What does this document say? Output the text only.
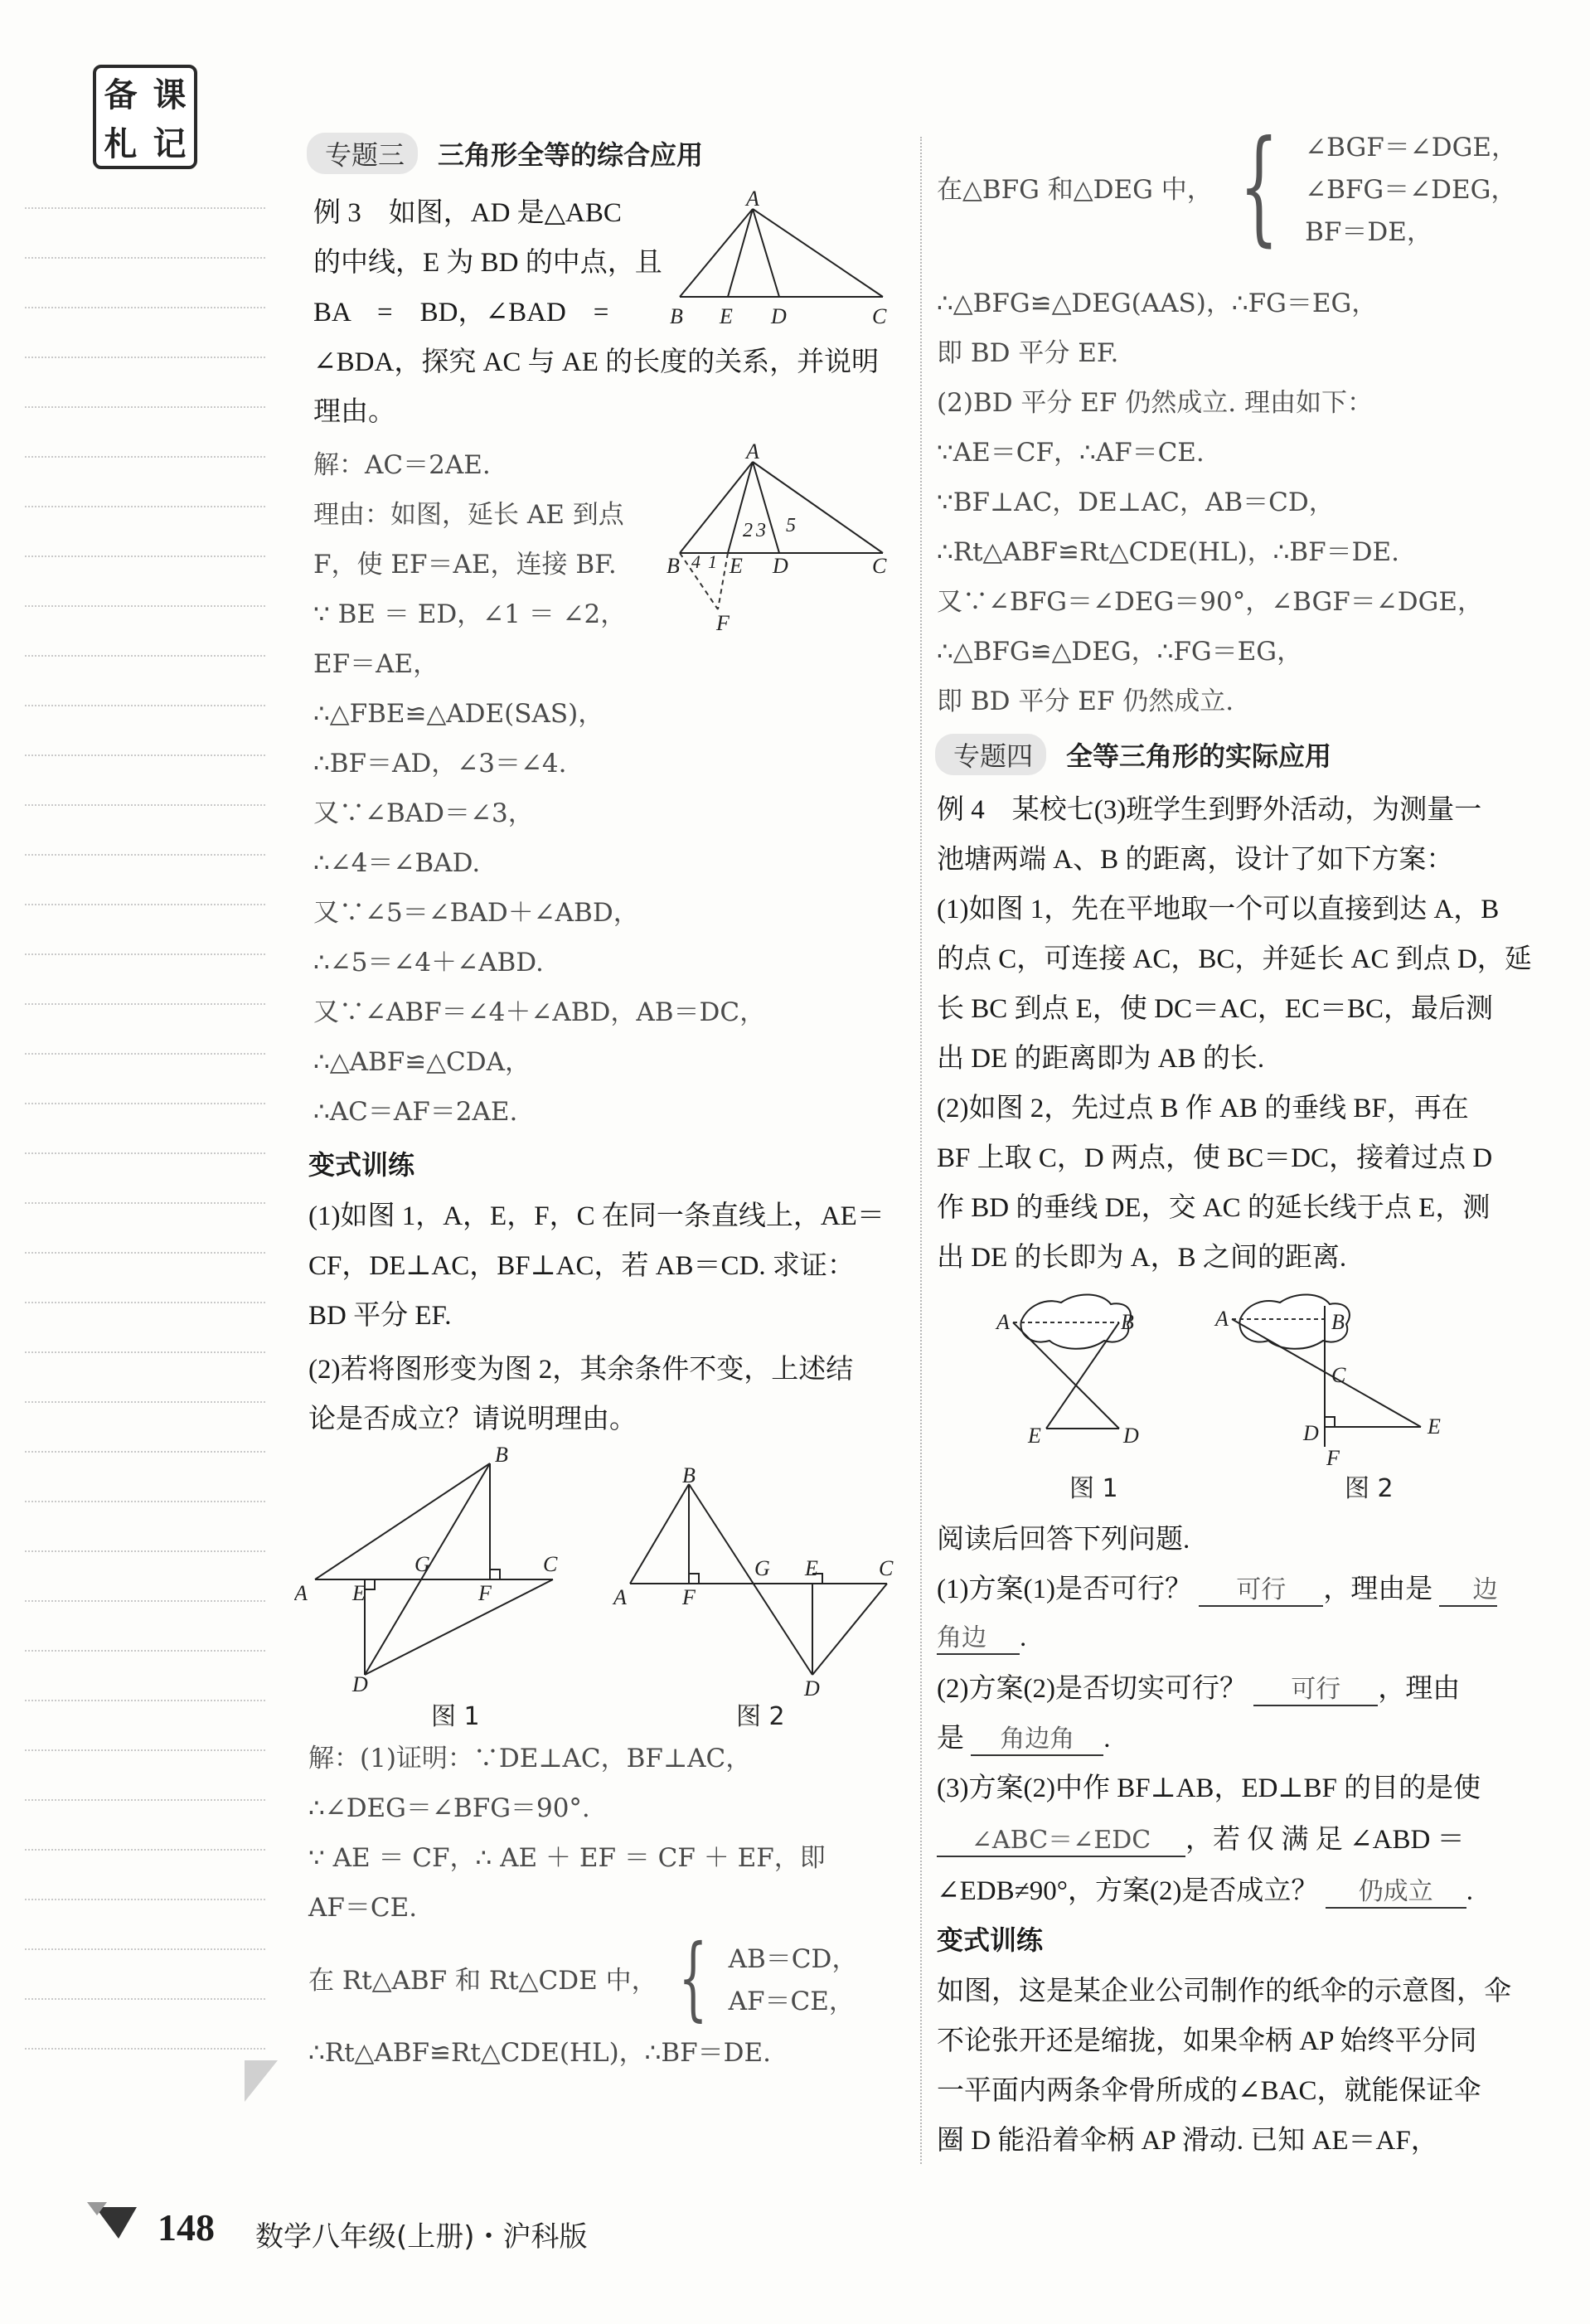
备 课
札 记	专题三	三角形全等的综合应用
例 3　如图，AD 是△ABC
的中线，E 为 BD 的中点，且
BA　=　BD，∠BAD　=
∠BDA，探究 AC 与 AE 的长度的关系，并说明
理由。
A
B E D	C
解：AC＝2AE.
理由：如图，延长 AE 到点
F，使 EF＝AE，连接 BF.
∵ BE ＝ ED，∠1 ＝ ∠2，
EF＝AE，
∴△FBE≌△ADE(SAS)，
∴BF＝AD，∠3＝∠4.
又∵∠BAD＝∠3，
∴∠4＝∠BAD.
又∵∠5＝∠BAD＋∠ABD，
∴∠5＝∠4＋∠ABD.
又∵∠ABF＝∠4＋∠ABD，AB＝DC，
∴△ABF≌△CDA，
∴AC＝AF＝2AE.
A
B E D	C
F
2 3 5
4 1
变式训练
(1)如图 1，A，E，F，C 在同一条直线上，AE＝
CF，DE⊥AC，BF⊥AC，若 AB＝CD. 求证：
BD 平分 EF.
(2)若将图形变为图 2，其余条件不变，上述结
论是否成立？请说明理由。
B
A E
G
F
C
D
图 1
B
A	F
G E	C
D
图 2
解：(1)证明：∵DE⊥AC，BF⊥AC，
∴∠DEG＝∠BFG＝90°.
∵ AE ＝ CF，∴ AE ＋ EF ＝ CF ＋ EF，即
AF＝CE.
在 Rt△ABF 和 Rt△CDE 中， { AB＝CD，
AF＝CE，
∴Rt△ABF≌Rt△CDE(HL)，∴BF＝DE.
在△BFG 和△DEG 中， { ∠BGF＝∠DGE，
∠BFG＝∠DEG，
BF＝DE，
∴△BFG≌△DEG(AAS)，∴FG＝EG，
即 BD 平分 EF.
(2)BD 平分 EF 仍然成立. 理由如下：
∵AE＝CF，∴AF＝CE.
∵BF⊥AC，DE⊥AC，AB＝CD，
∴Rt△ABF≌Rt△CDE(HL)，∴BF＝DE.
又∵∠BFG＝∠DEG＝90°，∠BGF＝∠DGE，
∴△BFG≌△DEG，∴FG＝EG，
即 BD 平分 EF 仍然成立.
专题四	全等三角形的实际应用
例 4　某校七(3)班学生到野外活动，为测量一
池塘两端 A、B 的距离，设计了如下方案：
(1)如图 1，先在平地取一个可以直接到达 A，B
的点 C，可连接 AC，BC，并延长 AC 到点 D，延
长 BC 到点 E，使 DC＝AC，EC＝BC，最后测
出 DE 的距离即为 AB 的长.
(2)如图 2，先过点 B 作 AB 的垂线 BF，再在
BF 上取 C，D 两点，使 BC＝DC，接着过点 D
作 BD 的垂线 DE，交 AC 的延长线于点 E，测
出 DE 的长即为 A，B 之间的距离.
A	B
E	D
图 1
A	B
C
D	E
F
图 2
阅读后回答下列问题.
(1)方案(1)是否可行？ 可行 ，理由是 边
角边 .
(2)方案(2)是否切实可行？ 可行 ，理由
是 角边角 .
(3)方案(2)中作 BF⊥AB，ED⊥BF 的目的是使
∠ABC＝∠EDC ，若 仅 满 足 ∠ABD ＝
∠EDB≠90°，方案(2)是否成立？ 仍成立 .
变式训练
如图，这是某企业公司制作的纸伞的示意图，伞
不论张开还是缩拢，如果伞柄 AP 始终平分同
一平面内两条伞骨所成的∠BAC，就能保证伞
圈 D 能沿着伞柄 AP 滑动. 已知 AE＝AF，
148 数学八年级(上册)・沪科版
